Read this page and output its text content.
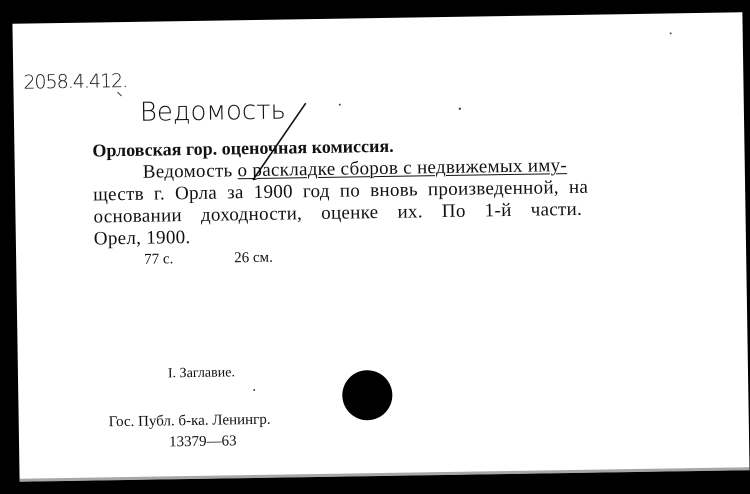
2058.4.412.
Ведомость
Орловская гор. оценочная комиссия.
Ведомость о раскладке сборов с недвижемых иму-
ществ г. Орла за 1900 год по вновь произведенной, на
основании доходности, оценке их. По 1-й части.
Орел, 1900.
77 с.	26 см.
I. Заглавие.
Гос. Публ. б-ка. Ленингр.
13379—63
